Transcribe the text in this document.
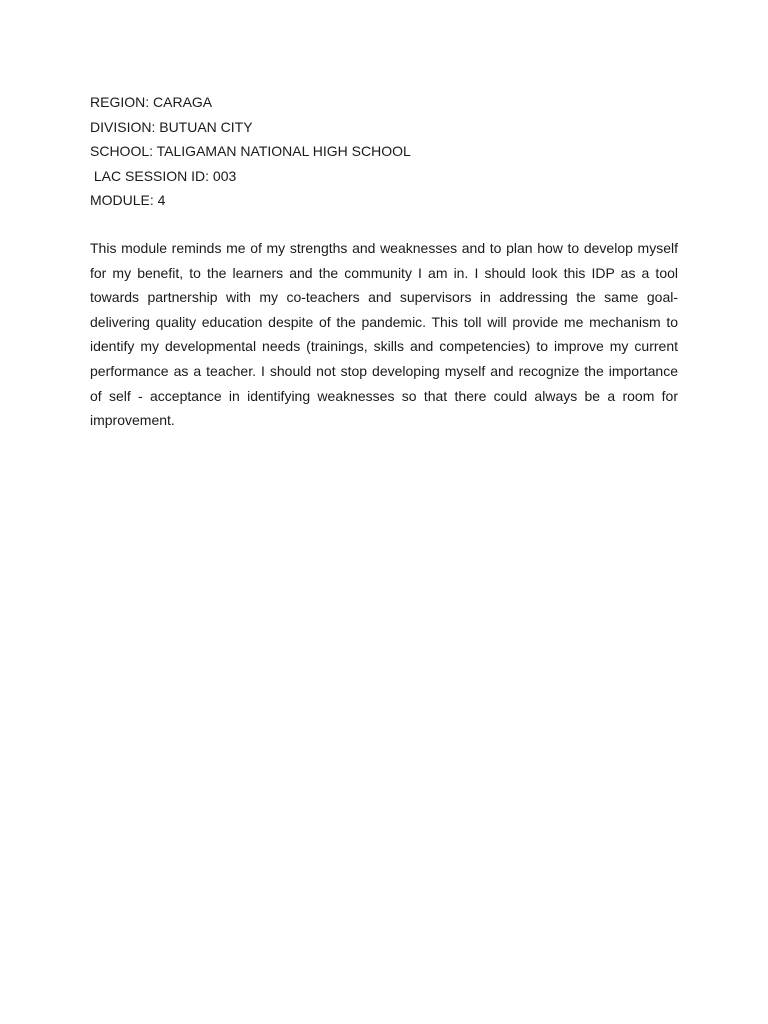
REGION: CARAGA
DIVISION: BUTUAN CITY
SCHOOL: TALIGAMAN NATIONAL HIGH SCHOOL
LAC SESSION ID: 003
MODULE: 4

This module reminds me of my strengths and weaknesses and to plan how to develop myself for my benefit, to the learners and the community I am in. I should look this IDP as a tool towards partnership with my co-teachers and supervisors in addressing the same goal- delivering quality education despite of the pandemic. This toll will provide me mechanism to identify my developmental needs (trainings, skills and competencies) to improve my current performance as a teacher. I should not stop developing myself and recognize the importance of self - acceptance in identifying weaknesses so that there could always be a room for improvement.
